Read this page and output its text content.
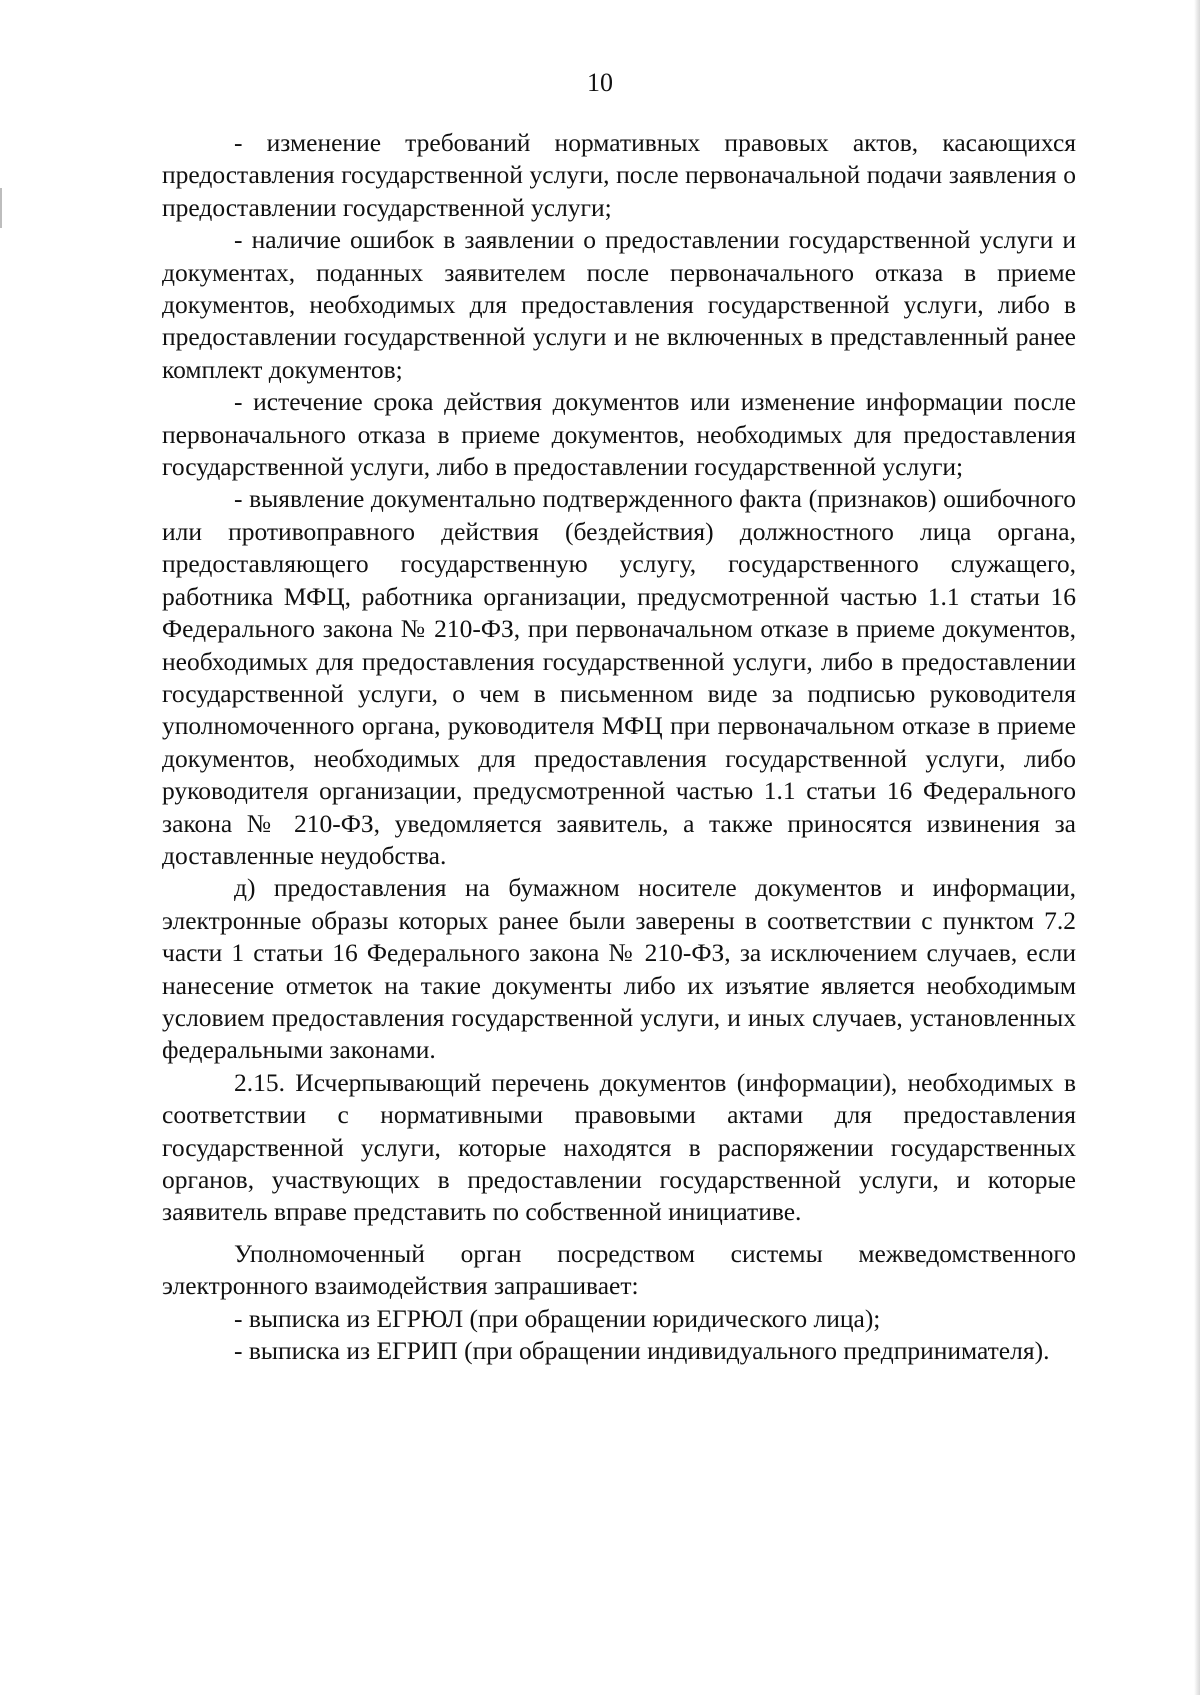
10

- изменение требований нормативных правовых актов, касающихся предоставления государственной услуги, после первоначальной подачи заявления о предоставлении государственной услуги;

- наличие ошибок в заявлении о предоставлении государственной услуги и документах, поданных заявителем после первоначального отказа в приеме документов, необходимых для предоставления государственной услуги, либо в предоставлении государственной услуги и не включенных в представленный ранее комплект документов;

- истечение срока действия документов или изменение информации после первоначального отказа в приеме документов, необходимых для предоставления государственной услуги, либо в предоставлении государственной услуги;

- выявление документально подтвержденного факта (признаков) ошибочного или противоправного действия (бездействия) должностного лица органа, предоставляющего государственную услугу, государственного служащего, работника МФЦ, работника организации, предусмотренной частью 1.1 статьи 16 Федерального закона № 210-ФЗ, при первоначальном отказе в приеме документов, необходимых для предоставления государственной услуги, либо в предоставлении государственной услуги, о чем в письменном виде за подписью руководителя уполномоченного органа, руководителя МФЦ при первоначальном отказе в приеме документов, необходимых для предоставления государственной услуги, либо руководителя организации, предусмотренной частью 1.1 статьи 16 Федерального закона № 210-ФЗ, уведомляется заявитель, а также приносятся извинения за доставленные неудобства.

д) предоставления на бумажном носителе документов и информации, электронные образы которых ранее были заверены в соответствии с пунктом 7.2 части 1 статьи 16 Федерального закона № 210-ФЗ, за исключением случаев, если нанесение отметок на такие документы либо их изъятие является необходимым условием предоставления государственной услуги, и иных случаев, установленных федеральными законами.

2.15. Исчерпывающий перечень документов (информации), необходимых в соответствии с нормативными правовыми актами для предоставления государственной услуги, которые находятся в распоряжении государственных органов, участвующих в предоставлении государственной услуги, и которые заявитель вправе представить по собственной инициативе.

Уполномоченный орган посредством системы межведомственного электронного взаимодействия запрашивает:

- выписка из ЕГРЮЛ (при обращении юридического лица);

- выписка из ЕГРИП (при обращении индивидуального предпринимателя).
